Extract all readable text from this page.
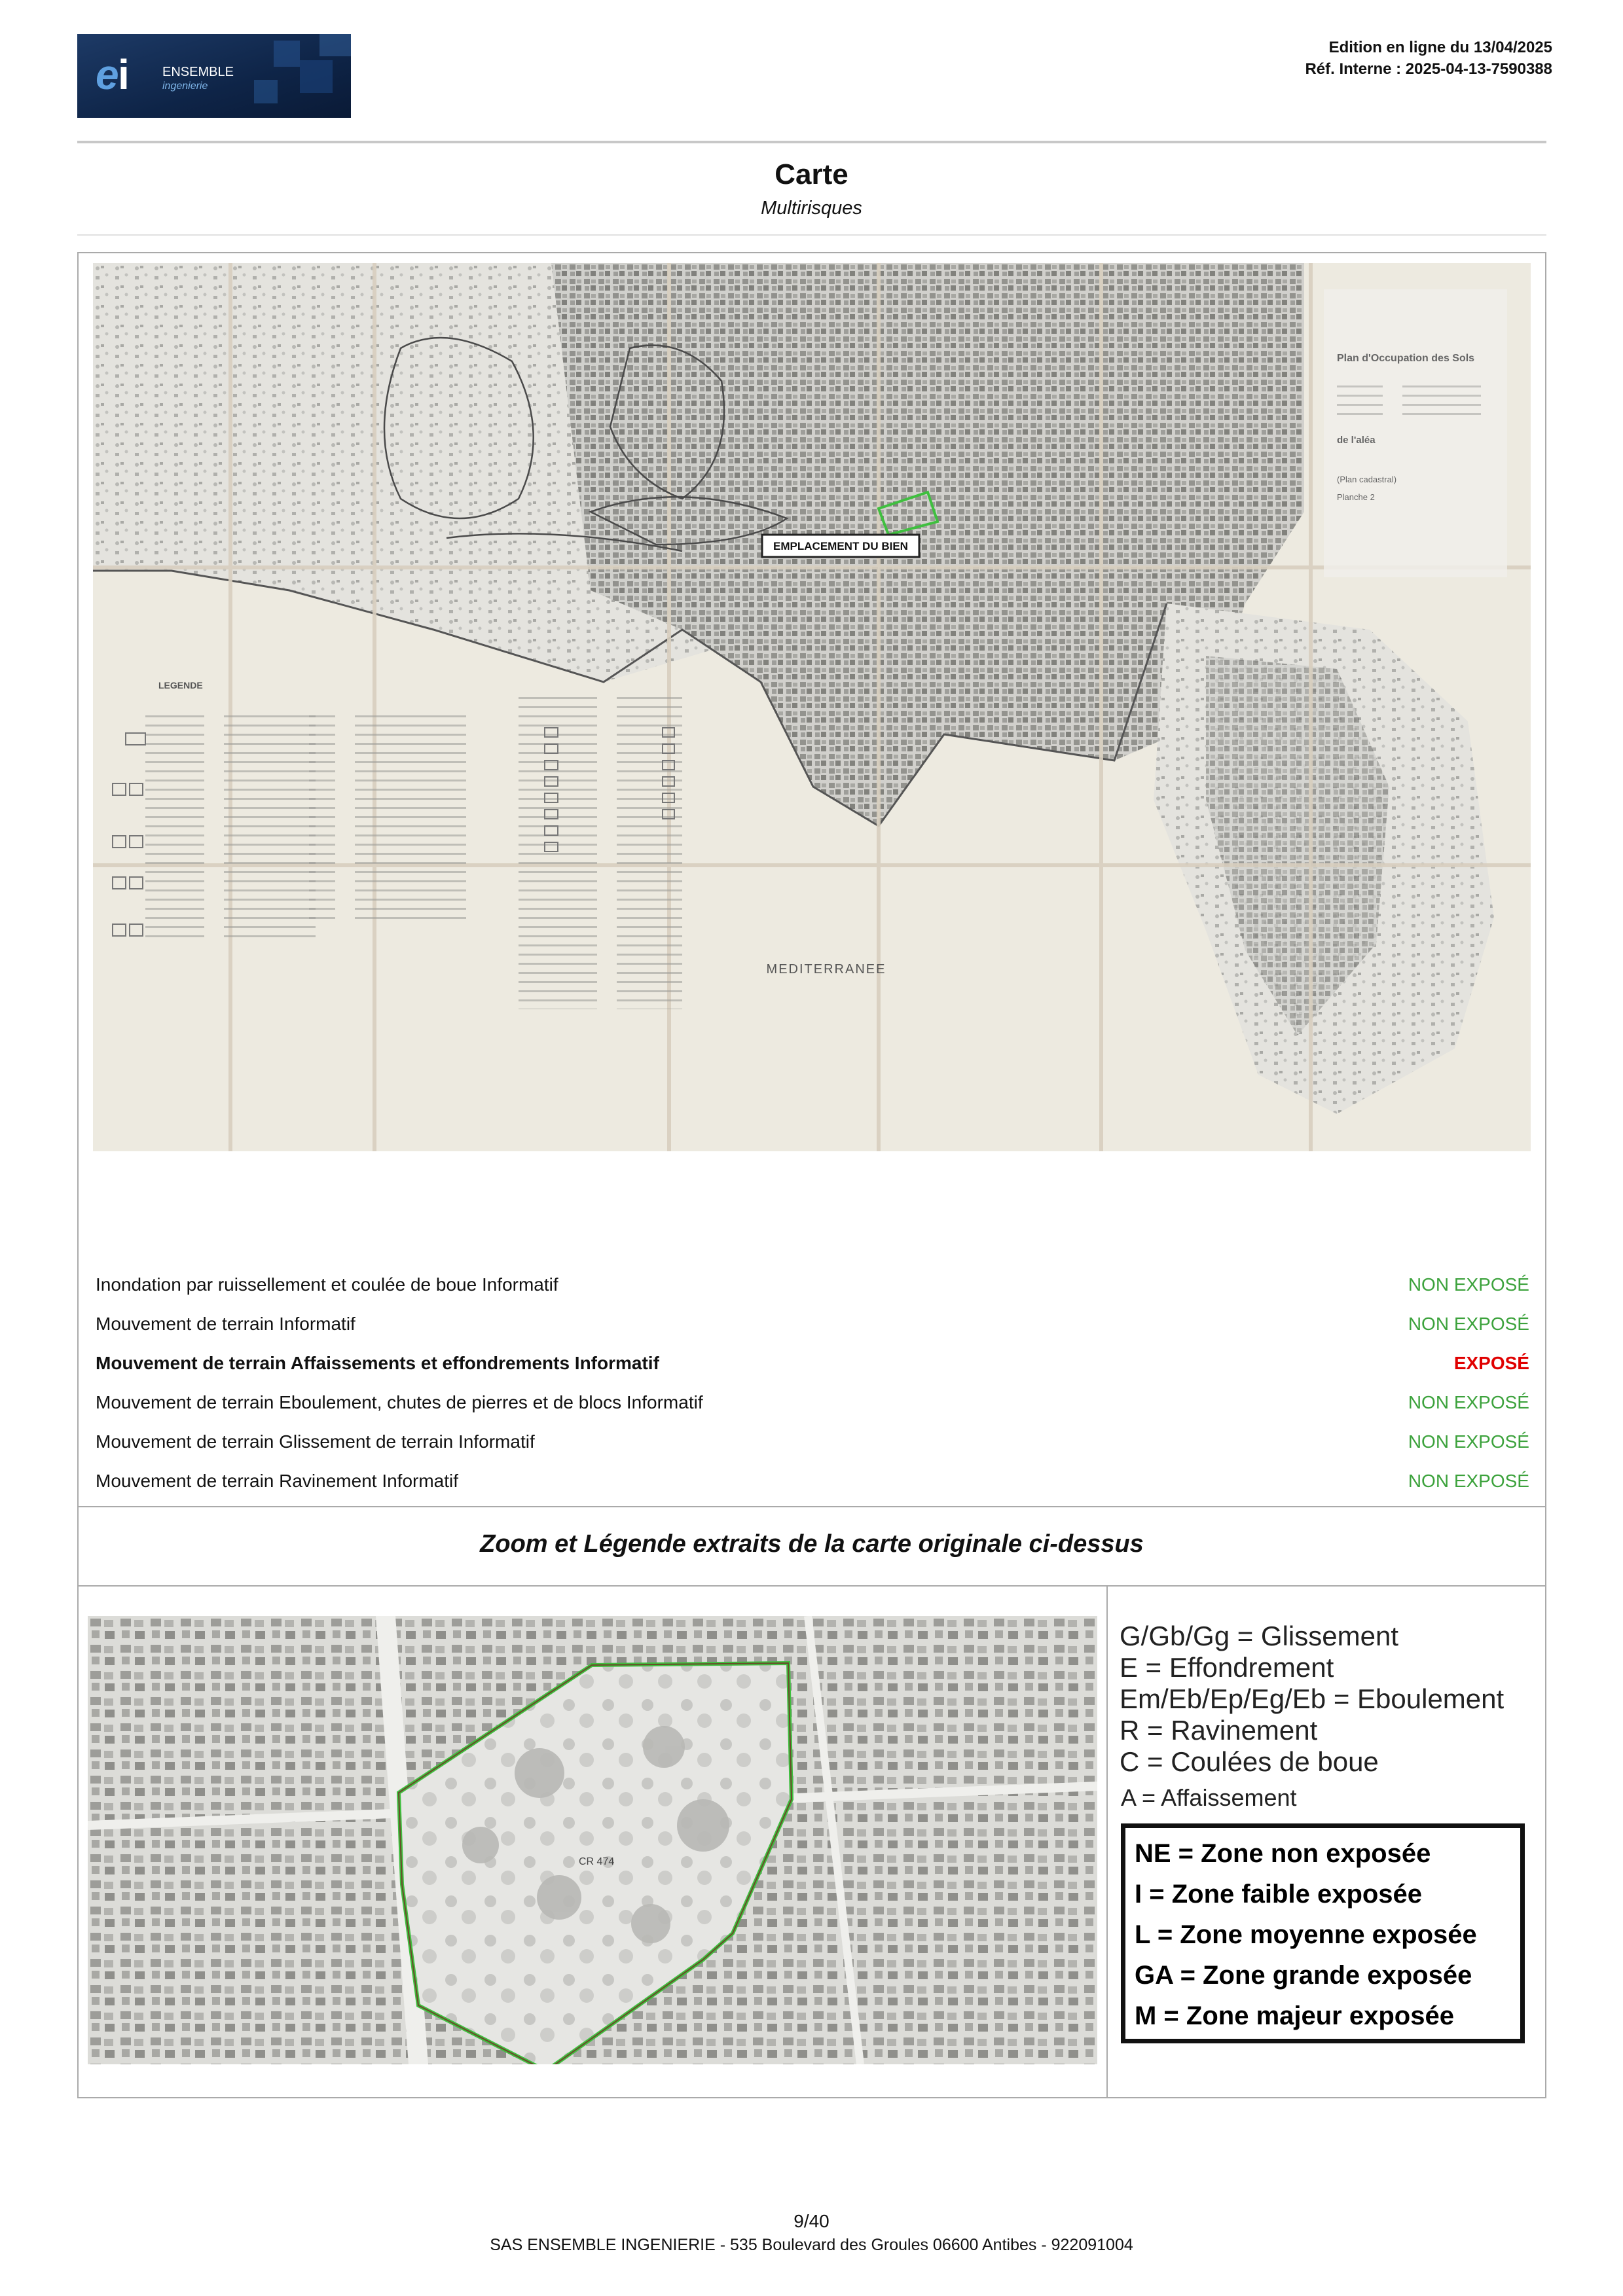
e
i	ENSEMBLE
ingenierie
Edition en ligne du 13/04/2025
Réf. Interne : 2025-04-13-7590388
Carte
Multirisques
EMPLACEMENT DU BIEN
MEDITERRANEE
LEGENDE
Plan d'Occupation des Sols
de l'aléa
(Plan cadastral)
Planche 2
Inondation par ruissellement et coulée de boue Informatif	NON EXPOSÉ
Mouvement de terrain Informatif	NON EXPOSÉ
Mouvement de terrain Affaissements et effondrements Informatif	EXPOSÉ
Mouvement de terrain Eboulement, chutes de pierres et de blocs Informatif	NON EXPOSÉ
Mouvement de terrain Glissement de terrain Informatif	NON EXPOSÉ
Mouvement de terrain Ravinement Informatif	NON EXPOSÉ
Zoom et Légende extraits de la carte originale ci-dessus
CR 474
G/Gb/Gg = Glissement
E = Effondrement
Em/Eb/Ep/Eg/Eb = Eboulement
R = Ravinement
C = Coulées de boue
A = Affaissement
NE = Zone non exposée
I = Zone faible exposée
L = Zone moyenne exposée
GA = Zone grande exposée
M = Zone majeur exposée
9/40
SAS ENSEMBLE INGENIERIE - 535 Boulevard des Groules 06600 Antibes - 922091004
